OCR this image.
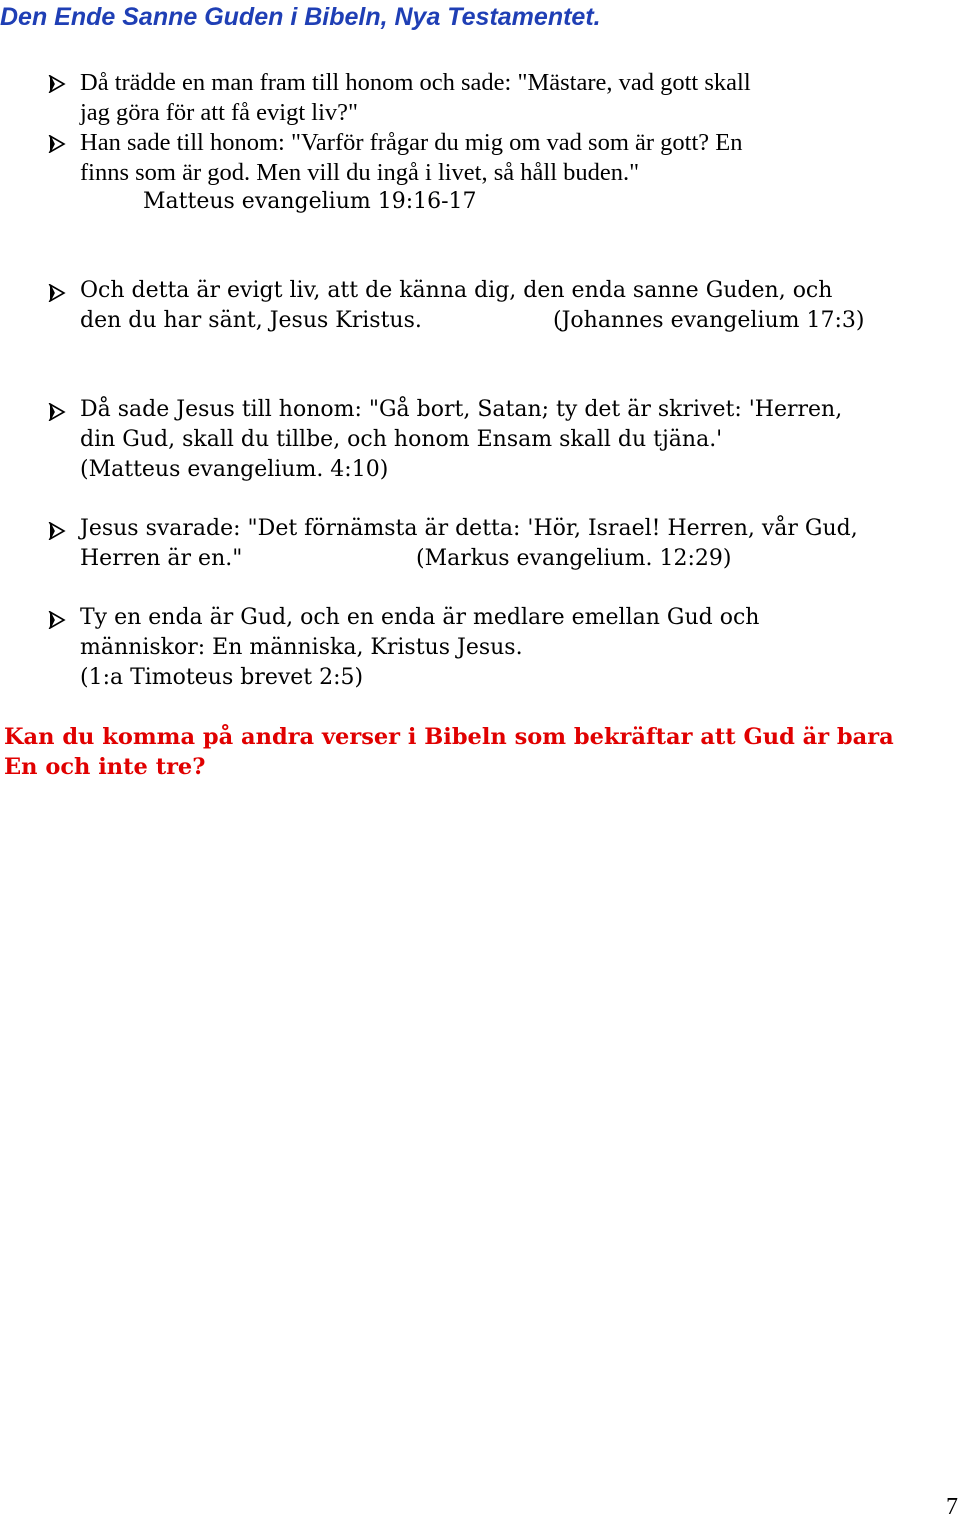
Den Ende Sanne Guden i Bibeln, Nya Testamentet.
Då trädde en man fram till honom och sade: "Mästare, vad gott skall
jag göra för att få evigt liv?"
Han sade till honom: "Varför frågar du mig om vad som är gott? En
finns som är god. Men vill du ingå i livet, så håll buden."
Matteus evangelium 19:16-17
Och detta är evigt liv, att de känna dig, den enda sanne Guden, och
den du har sänt, Jesus Kristus.	(Johannes evangelium 17:3)
Då sade Jesus till honom: "Gå bort, Satan; ty det är skrivet: 'Herren,
din Gud, skall du tillbe, och honom Ensam skall du tjäna.'
(Matteus evangelium. 4:10)
Jesus svarade: "Det förnämsta är detta: 'Hör, Israel! Herren, vår Gud,
Herren är en."	(Markus evangelium. 12:29)
Ty en enda är Gud, och en enda är medlare emellan Gud och
människor: En människa, Kristus Jesus.
(1:a Timoteus brevet 2:5)
Kan du komma på andra verser i Bibeln som bekräftar att Gud är bara
En och inte tre?
7
